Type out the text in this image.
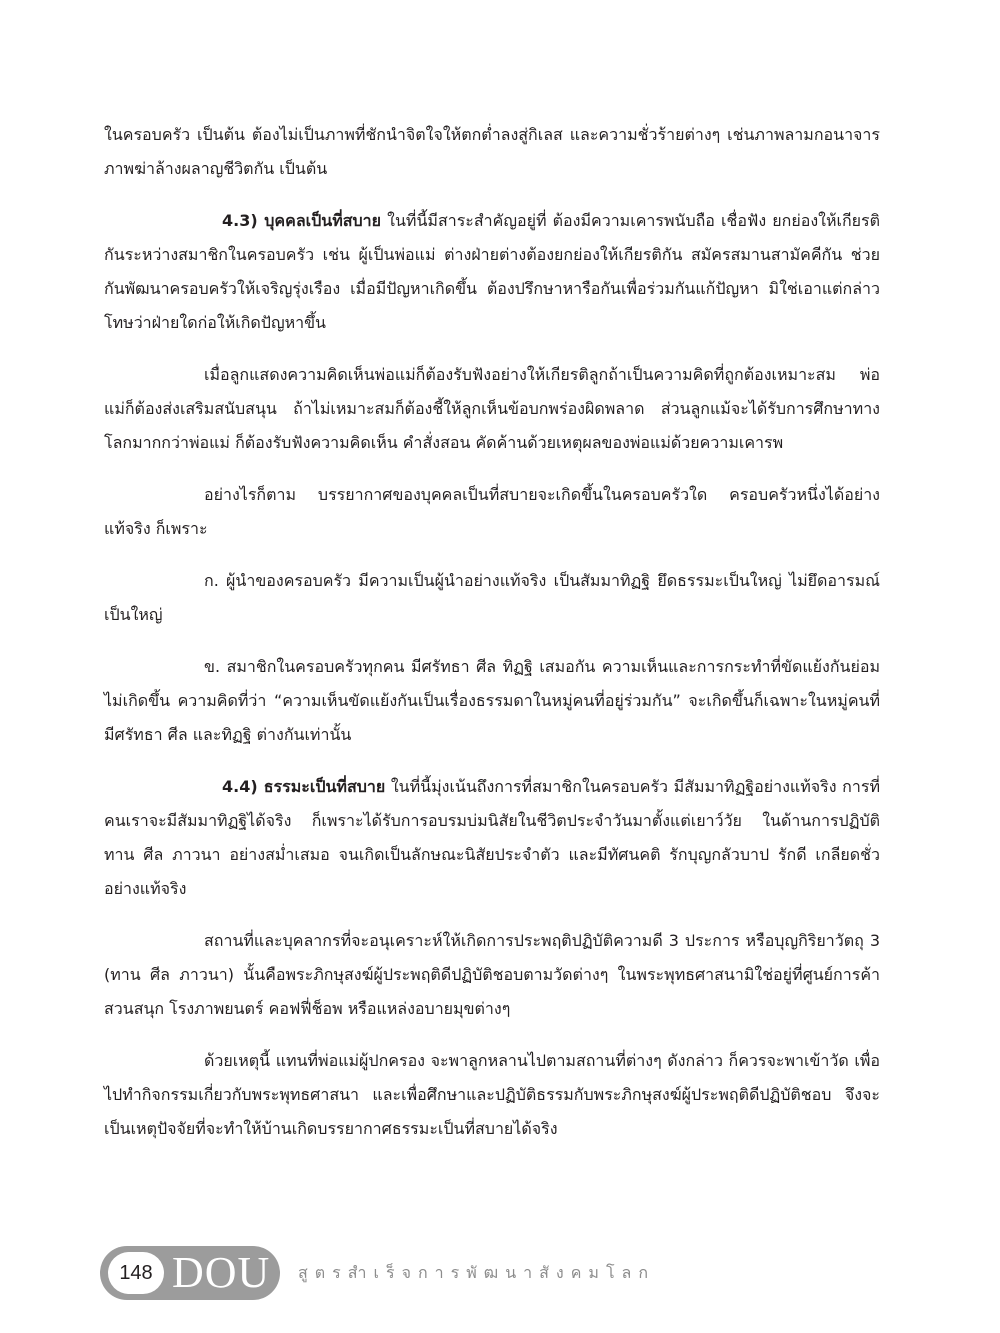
ในครอบครัว เป็นต้น ต้องไม่เป็นภาพที่ชักนำจิตใจให้ตกต่ำลงสู่กิเลส และความชั่วร้ายต่างๆ เช่นภาพลามกอนาจาร ภาพฆ่าล้างผลาญชีวิตกัน เป็นต้น

4.3) บุคคลเป็นที่สบาย ในที่นี้มีสาระสำคัญอยู่ที่ ต้องมีความเคารพนับถือ เชื่อฟัง ยกย่องให้เกียรติกันระหว่างสมาชิกในครอบครัว เช่น ผู้เป็นพ่อแม่ ต่างฝ่ายต่างต้องยกย่องให้เกียรติกัน สมัครสมานสามัคคีกัน ช่วยกันพัฒนาครอบครัวให้เจริญรุ่งเรือง เมื่อมีปัญหาเกิดขึ้น ต้องปรึกษาหารือกันเพื่อร่วมกันแก้ปัญหา มิใช่เอาแต่กล่าวโทษว่าฝ่ายใดก่อให้เกิดปัญหาขึ้น

เมื่อลูกแสดงความคิดเห็นพ่อแม่ก็ต้องรับฟังอย่างให้เกียรติลูกถ้าเป็นความคิดที่ถูกต้องเหมาะสม พ่อแม่ก็ต้องส่งเสริมสนับสนุน ถ้าไม่เหมาะสมก็ต้องชี้ให้ลูกเห็นข้อบกพร่องผิดพลาด ส่วนลูกแม้จะได้รับการศึกษาทางโลกมากกว่าพ่อแม่ ก็ต้องรับฟังความคิดเห็น คำสั่งสอน คัดค้านด้วยเหตุผลของพ่อแม่ด้วยความเคารพ

อย่างไรก็ตาม บรรยากาศของบุคคลเป็นที่สบายจะเกิดขึ้นในครอบครัวใด ครอบครัวหนึ่งได้อย่างแท้จริง ก็เพราะ

ก. ผู้นำของครอบครัว มีความเป็นผู้นำอย่างแท้จริง เป็นสัมมาทิฏฐิ ยึดธรรมะเป็นใหญ่ ไม่ยึดอารมณ์เป็นใหญ่

ข. สมาชิกในครอบครัวทุกคน มีศรัทธา ศีล ทิฏฐิ เสมอกัน ความเห็นและการกระทำที่ขัดแย้งกันย่อมไม่เกิดขึ้น ความคิดที่ว่า “ความเห็นขัดแย้งกันเป็นเรื่องธรรมดาในหมู่คนที่อยู่ร่วมกัน” จะเกิดขึ้นก็เฉพาะในหมู่คนที่มีศรัทธา ศีล และทิฏฐิ ต่างกันเท่านั้น

4.4) ธรรมะเป็นที่สบาย ในที่นี้มุ่งเน้นถึงการที่สมาชิกในครอบครัว มีสัมมาทิฏฐิอย่างแท้จริง การที่คนเราจะมีสัมมาทิฏฐิได้จริง ก็เพราะได้รับการอบรมบ่มนิสัยในชีวิตประจำวันมาตั้งแต่เยาว์วัย ในด้านการปฏิบัติ ทาน ศีล ภาวนา อย่างสม่ำเสมอ จนเกิดเป็นลักษณะนิสัยประจำตัว และมีทัศนคติ รักบุญกลัวบาป รักดี เกลียดชั่ว อย่างแท้จริง

สถานที่และบุคลากรที่จะอนุเคราะห์ให้เกิดการประพฤติปฏิบัติความดี 3 ประการ หรือบุญกิริยาวัตถุ 3 (ทาน ศีล ภาวนา) นั้นคือพระภิกษุสงฆ์ผู้ประพฤติดีปฏิบัติชอบตามวัดต่างๆ ในพระพุทธศาสนามิใช่อยู่ที่ศูนย์การค้า สวนสนุก โรงภาพยนตร์ คอฟฟี่ช็อพ หรือแหล่งอบายมุขต่างๆ

ด้วยเหตุนี้ แทนที่พ่อแม่ผู้ปกครอง จะพาลูกหลานไปตามสถานที่ต่างๆ ดังกล่าว ก็ควรจะพาเข้าวัด เพื่อไปทำกิจกรรมเกี่ยวกับพระพุทธศาสนา และเพื่อศึกษาและปฏิบัติธรรมกับพระภิกษุสงฆ์ผู้ประพฤติดีปฏิบัติชอบ จึงจะเป็นเหตุปัจจัยที่จะทำให้บ้านเกิดบรรยากาศธรรมะเป็นที่สบายได้จริง

148 DOU สูตรสำเร็จการพัฒนาสังคมโลก
